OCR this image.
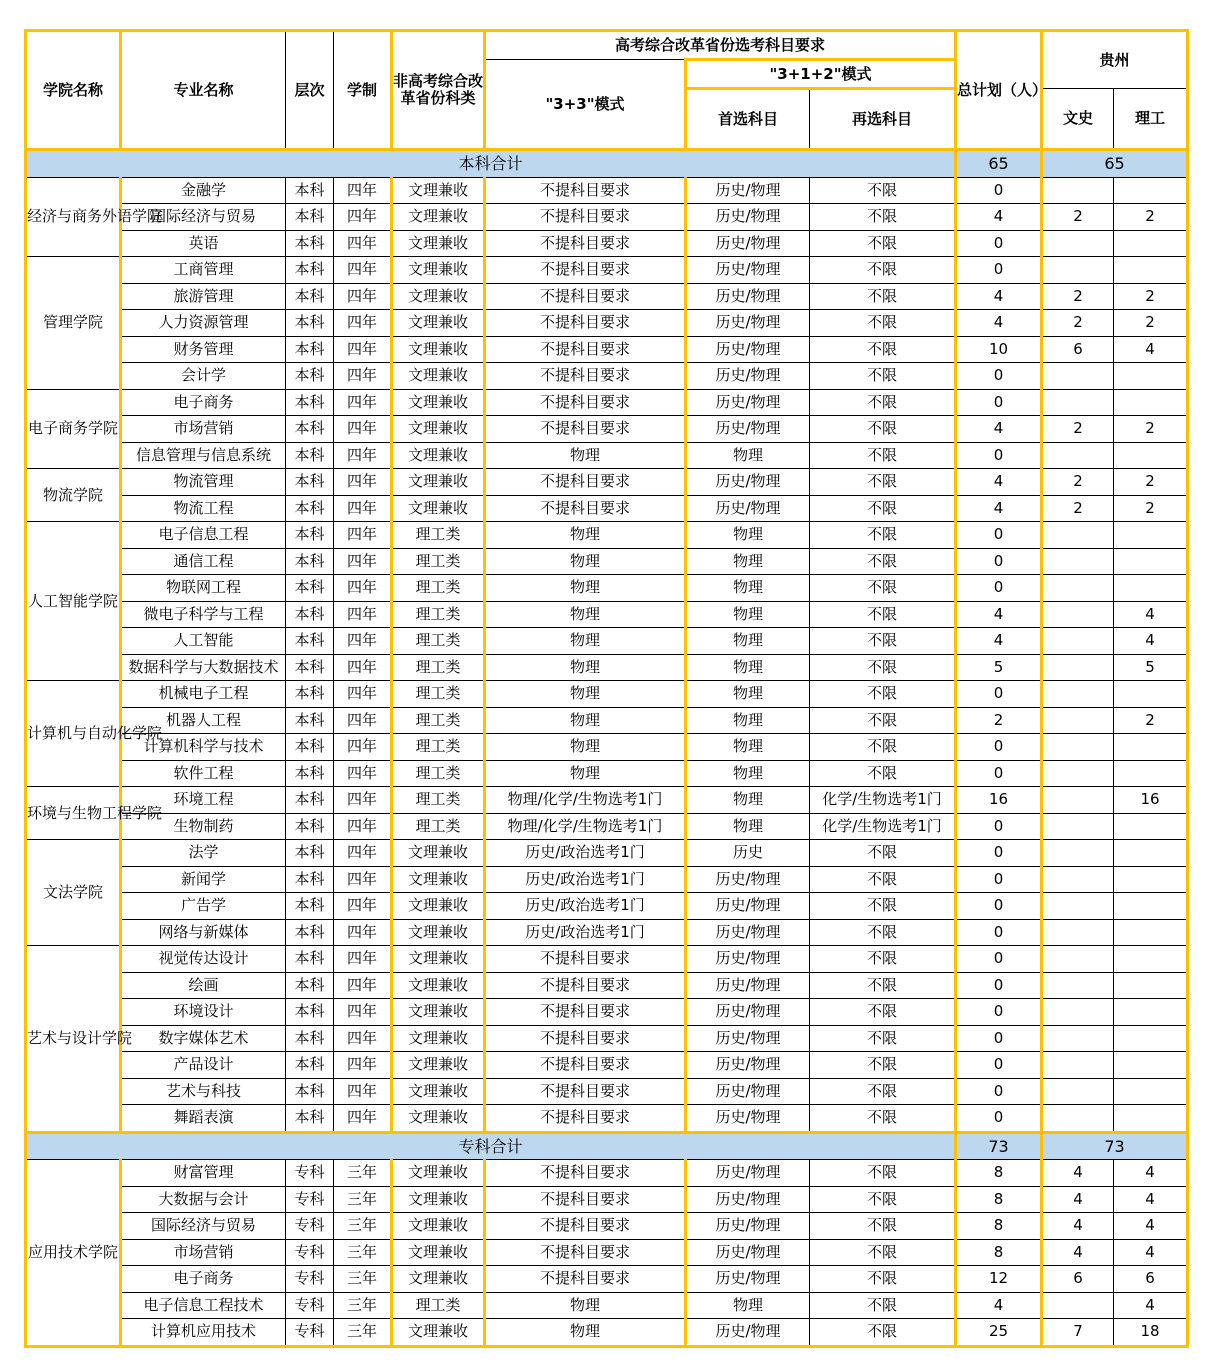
学院名称	专业名称	层次	学制	非高考综合改革省份科类	高考综合改革省份选考科目要求			总计划（人）	贵州	
					"3+3"模式	"3+1+2"模式				
						首选科目	再选科目		文史	理工
本科合计								65	65	
经济与商务外语学院	金融学	本科	四年	文理兼收	不提科目要求	历史/物理	不限	0		
	国际经济与贸易	本科	四年	文理兼收	不提科目要求	历史/物理	不限	4	2	2
	英语	本科	四年	文理兼收	不提科目要求	历史/物理	不限	0		
管理学院	工商管理	本科	四年	文理兼收	不提科目要求	历史/物理	不限	0		
	旅游管理	本科	四年	文理兼收	不提科目要求	历史/物理	不限	4	2	2
	人力资源管理	本科	四年	文理兼收	不提科目要求	历史/物理	不限	4	2	2
	财务管理	本科	四年	文理兼收	不提科目要求	历史/物理	不限	10	6	4
	会计学	本科	四年	文理兼收	不提科目要求	历史/物理	不限	0		
电子商务学院	电子商务	本科	四年	文理兼收	不提科目要求	历史/物理	不限	0		
	市场营销	本科	四年	文理兼收	不提科目要求	历史/物理	不限	4	2	2
	信息管理与信息系统	本科	四年	文理兼收	物理	物理	不限	0		
物流学院	物流管理	本科	四年	文理兼收	不提科目要求	历史/物理	不限	4	2	2
	物流工程	本科	四年	文理兼收	不提科目要求	历史/物理	不限	4	2	2
人工智能学院	电子信息工程	本科	四年	理工类	物理	物理	不限	0		
	通信工程	本科	四年	理工类	物理	物理	不限	0		
	物联网工程	本科	四年	理工类	物理	物理	不限	0		
	微电子科学与工程	本科	四年	理工类	物理	物理	不限	4		4
	人工智能	本科	四年	理工类	物理	物理	不限	4		4
	数据科学与大数据技术	本科	四年	理工类	物理	物理	不限	5		5
计算机与自动化学院	机械电子工程	本科	四年	理工类	物理	物理	不限	0		
	机器人工程	本科	四年	理工类	物理	物理	不限	2		2
	计算机科学与技术	本科	四年	理工类	物理	物理	不限	0		
	软件工程	本科	四年	理工类	物理	物理	不限	0		
环境与生物工程学院	环境工程	本科	四年	理工类	物理/化学/生物选考1门	物理	化学/生物选考1门	16		16
	生物制药	本科	四年	理工类	物理/化学/生物选考1门	物理	化学/生物选考1门	0		
文法学院	法学	本科	四年	文理兼收	历史/政治选考1门	历史	不限	0		
	新闻学	本科	四年	文理兼收	历史/政治选考1门	历史/物理	不限	0		
	广告学	本科	四年	文理兼收	历史/政治选考1门	历史/物理	不限	0		
	网络与新媒体	本科	四年	文理兼收	历史/政治选考1门	历史/物理	不限	0		
艺术与设计学院	视觉传达设计	本科	四年	文理兼收	不提科目要求	历史/物理	不限	0		
	绘画	本科	四年	文理兼收	不提科目要求	历史/物理	不限	0		
	环境设计	本科	四年	文理兼收	不提科目要求	历史/物理	不限	0		
	数字媒体艺术	本科	四年	文理兼收	不提科目要求	历史/物理	不限	0		
	产品设计	本科	四年	文理兼收	不提科目要求	历史/物理	不限	0		
	艺术与科技	本科	四年	文理兼收	不提科目要求	历史/物理	不限	0		
	舞蹈表演	本科	四年	文理兼收	不提科目要求	历史/物理	不限	0		
专科合计								73	73	
应用技术学院	财富管理	专科	三年	文理兼收	不提科目要求	历史/物理	不限	8	4	4
	大数据与会计	专科	三年	文理兼收	不提科目要求	历史/物理	不限	8	4	4
	国际经济与贸易	专科	三年	文理兼收	不提科目要求	历史/物理	不限	8	4	4
	市场营销	专科	三年	文理兼收	不提科目要求	历史/物理	不限	8	4	4
	电子商务	专科	三年	文理兼收	不提科目要求	历史/物理	不限	12	6	6
	电子信息工程技术	专科	三年	理工类	物理	物理	不限	4		4
	计算机应用技术	专科	三年	文理兼收	物理	历史/物理	不限	25	7	18
